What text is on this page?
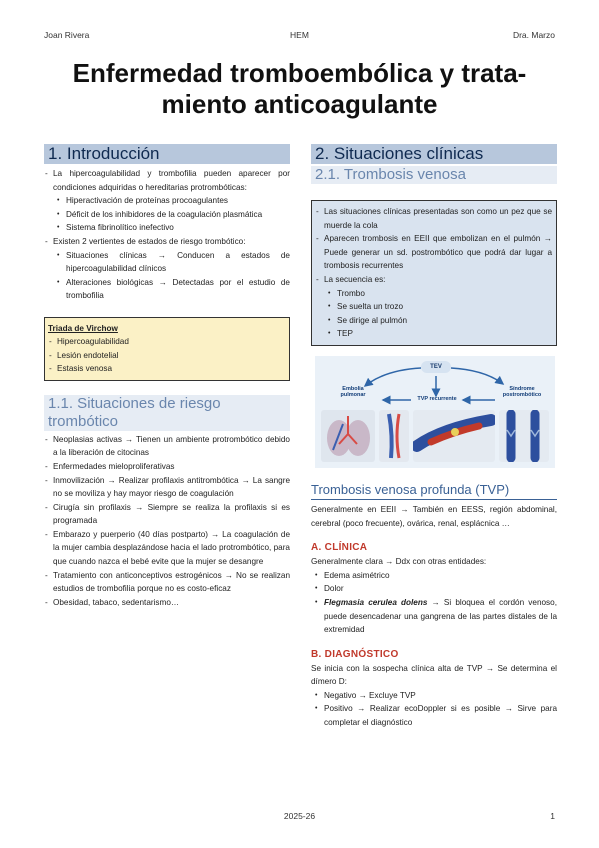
Joan Rivera	HEM	Dra. Marzo
Enfermedad tromboembólica y trata-
miento anticoagulante
1. Introducción
- La hipercoagulabilidad y trombofilia pueden aparecer por condiciones adquiridas o hereditarias protrombóticas:
• Hiperactivación de proteínas procoagulantes
• Déficit de los inhibidores de la coagulación plasmática
• Sistema fibrinolítico inefectivo
- Existen 2 vertientes de estados de riesgo trombótico:
• Situaciones clínicas → Conducen a estados de hipercoagulabilidad clínicos
• Alteraciones biológicas → Detectadas por el estudio de trombofilia
Triada de Virchow
- Hipercoagulabilidad
- Lesión endotelial
- Estasis venosa
1.1. Situaciones de riesgo trombótico
- Neoplasias activas → Tienen un ambiente protrombótico debido a la liberación de citocinas
- Enfermedades mieloproliferativas
- Inmovilización → Realizar profilaxis antitrombótica → La sangre no se moviliza y hay mayor riesgo de coagulación
- Cirugía sin profilaxis → Siempre se realiza la profilaxis si es programada
- Embarazo y puerperio (40 días postparto) → La coagulación de la mujer cambia desplazándose hacia el lado protrombótico, para que cuando nazca el bebé evite que la mujer se desangre
- Tratamiento con anticonceptivos estrogénicos → No se realizan estudios de trombofilia porque no es costo-eficaz
- Obesidad, tabaco, sedentarismo…
2. Situaciones clínicas
2.1. Trombosis venosa
- Las situaciones clínicas presentadas son como un pez que se muerde la cola
- Aparecen trombosis en EEII que embolizan en el pulmón → Puede generar un sd. postrombótico que podrá dar lugar a trombosis recurrentes
- La secuencia es:
• Trombo
• Se suelta un trozo
• Se dirige al pulmón
• TEP
TEV
Embolia pulmonar
TVP recurrente
Síndrome postrombótico
Trombosis venosa profunda (TVP)
Generalmente en EEII → También en EESS, región abdominal, cerebral (poco frecuente), ovárica, renal, esplácnica …
A. CLÍNICA
Generalmente clara → Ddx con otras entidades:
• Edema asimétrico
• Dolor
• Flegmasia cerulea dolens → Si bloquea el cordón venoso, puede desencadenar una gangrena de las partes distales de la extremidad
B. DIAGNÓSTICO
Se inicia con la sospecha clínica alta de TVP → Se determina el dímero D:
• Negativo → Excluye TVP
• Positivo → Realizar ecoDoppler si es posible → Sirve para completar el diagnóstico
2025-26	1
